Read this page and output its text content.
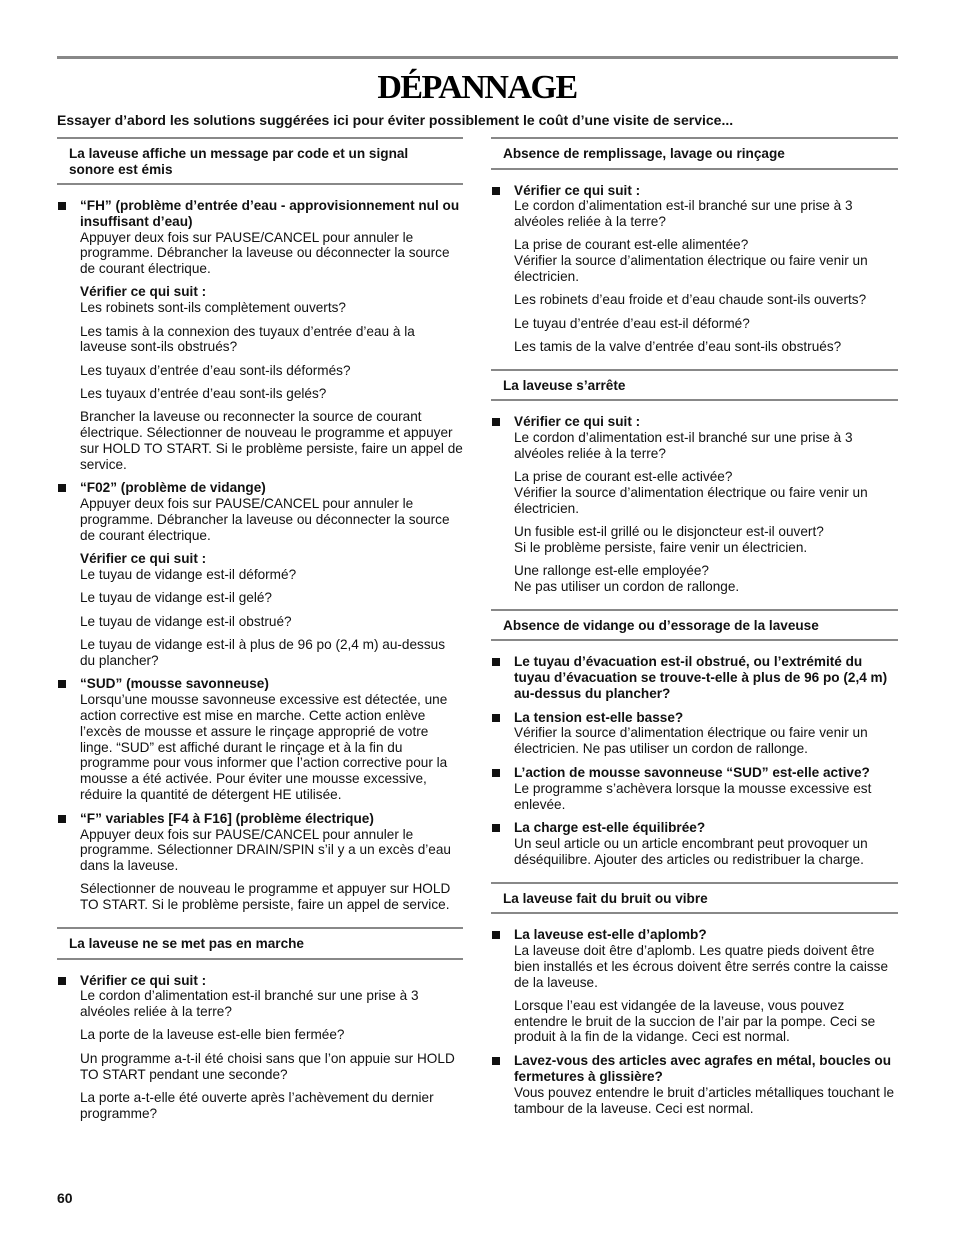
DÉPANNAGE

Essayer d’abord les solutions suggérées ici pour éviter possiblement le coût d’une visite de service...

La laveuse affiche un message par code et un signal sonore est émis

“FH” (problème d’entrée d’eau - approvisionnement nul ou insuffisant d’eau)
Appuyer deux fois sur PAUSE/CANCEL pour annuler le programme. Débrancher la laveuse ou déconnecter la source de courant électrique.

Vérifier ce qui suit :
Les robinets sont-ils complètement ouverts?

Les tamis à la connexion des tuyaux d’entrée d’eau à la laveuse sont-ils obstrués?

Les tuyaux d’entrée d’eau sont-ils déformés?

Les tuyaux d’entrée d’eau sont-ils gelés?

Brancher la laveuse ou reconnecter la source de courant électrique. Sélectionner de nouveau le programme et appuyer sur HOLD TO START. Si le problème persiste, faire un appel de service.

“F02” (problème de vidange)
Appuyer deux fois sur PAUSE/CANCEL pour annuler le programme. Débrancher la laveuse ou déconnecter la source de courant électrique.

Vérifier ce qui suit :
Le tuyau de vidange est-il déformé?

Le tuyau de vidange est-il gelé?

Le tuyau de vidange est-il obstrué?

Le tuyau de vidange est-il à plus de 96 po (2,4 m) au-dessus du plancher?

“SUD” (mousse savonneuse)
Lorsqu’une mousse savonneuse excessive est détectée, une action corrective est mise en marche. Cette action enlève l’excès de mousse et assure le rinçage approprié de votre linge. “SUD” est affiché durant le rinçage et à la fin du programme pour vous informer que l’action corrective pour la mousse a été activée. Pour éviter une mousse excessive, réduire la quantité de détergent HE utilisée.

“F” variables [F4 à F16] (problème électrique)
Appuyer deux fois sur PAUSE/CANCEL pour annuler le programme. Sélectionner DRAIN/SPIN s’il y a un excès d’eau dans la laveuse.

Sélectionner de nouveau le programme et appuyer sur HOLD TO START. Si le problème persiste, faire un appel de service.

La laveuse ne se met pas en marche

Vérifier ce qui suit :
Le cordon d’alimentation est-il branché sur une prise à 3 alvéoles reliée à la terre?

La porte de la laveuse est-elle bien fermée?

Un programme a-t-il été choisi sans que l’on appuie sur HOLD TO START pendant une seconde?

La porte a-t-elle été ouverte après l’achèvement du dernier programme?

Absence de remplissage, lavage ou rinçage

Vérifier ce qui suit :
Le cordon d’alimentation est-il branché sur une prise à 3 alvéoles reliée à la terre?

La prise de courant est-elle alimentée?
Vérifier la source d’alimentation électrique ou faire venir un électricien.

Les robinets d’eau froide et d’eau chaude sont-ils ouverts?

Le tuyau d’entrée d’eau est-il déformé?

Les tamis de la valve d’entrée d’eau sont-ils obstrués?

La laveuse s’arrête

Vérifier ce qui suit :
Le cordon d’alimentation est-il branché sur une prise à 3 alvéoles reliée à la terre?

La prise de courant est-elle activée?
Vérifier la source d’alimentation électrique ou faire venir un électricien.

Un fusible est-il grillé ou le disjoncteur est-il ouvert?
Si le problème persiste, faire venir un électricien.

Une rallonge est-elle employée?
Ne pas utiliser un cordon de rallonge.

Absence de vidange ou d’essorage de la laveuse

Le tuyau d’évacuation est-il obstrué, ou l’extrémité du tuyau d’évacuation se trouve-t-elle à plus de 96 po (2,4 m) au-dessus du plancher?

La tension est-elle basse?
Vérifier la source d’alimentation électrique ou faire venir un électricien. Ne pas utiliser un cordon de rallonge.

L’action de mousse savonneuse “SUD” est-elle active?
Le programme s’achèvera lorsque la mousse excessive est enlevée.

La charge est-elle équilibrée?
Un seul article ou un article encombrant peut provoquer un déséquilibre. Ajouter des articles ou redistribuer la charge.

La laveuse fait du bruit ou vibre

La laveuse est-elle d’aplomb?
La laveuse doit être d’aplomb. Les quatre pieds doivent être bien installés et les écrous doivent être serrés contre la caisse de la laveuse.

Lorsque l’eau est vidangée de la laveuse, vous pouvez entendre le bruit de la succion de l’air par la pompe. Ceci se produit à la fin de la vidange. Ceci est normal.

Lavez-vous des articles avec agrafes en métal, boucles ou fermetures à glissière?
Vous pouvez entendre le bruit d’articles métalliques touchant le tambour de la laveuse. Ceci est normal.

60
